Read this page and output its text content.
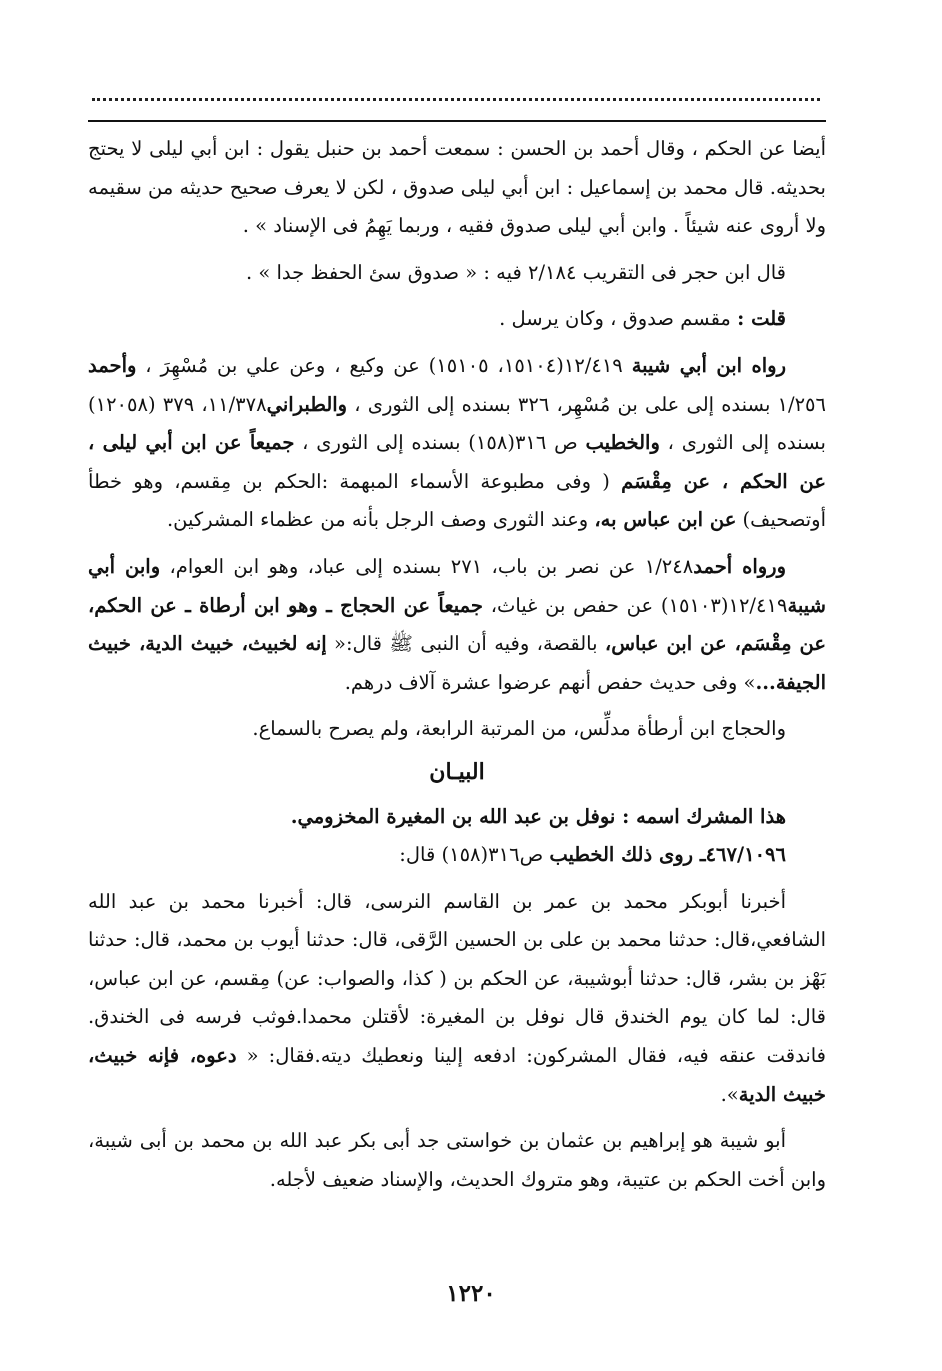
أيضا عن الحكم ، وقال أحمد بن الحسن : سمعت أحمد بن حنبل يقول : ابن أبي ليلى لا يحتج بحديثه. قال محمد بن إسماعيل : ابن أبي ليلى صدوق ، لكن لا يعرف صحيح حديثه من سقيمه ولا أروى عنه شيئاً . وابن أبي ليلى صدوق فقيه ، وربما يَهِمُ فى الإسناد » .

قال ابن حجر فى التقريب ٢/١٨٤ فيه : « صدوق سئ الحفظ جدا » .

قلت : مقسم صدوق ، وكان يرسل .

رواه ابن أبي شيبة ١٢/٤١٩(١٥١٠٤، ١٥١٠٥) عن وكيع ، وعن علي بن مُسْهِرَ ، وأحمد ١/٢٥٦ بسنده إلى على بن مُسْهِر، ٣٢٦ بسنده إلى الثورى ، والطبراني١١/٣٧٨، ٣٧٩ (١٢٠٥٨) بسنده إلى الثورى ، والخطيب ص ٣١٦(١٥٨) بسنده إلى الثورى ، جميعاً عن ابن أبي ليلى ، عن الحكم ، عن مِقْسَم ( وفى مطبوعة الأسماء المبهمة :الحكم بن مِقسم، وهو خطأ أوتصحيف) عن ابن عباس به، وعند الثورى وصف الرجل بأنه من عظماء المشركين.

ورواه أحمد١/٢٤٨ عن نصر بن باب، ٢٧١ بسنده إلى عباد، وهو ابن العوام، وابن أبي شيبة١٢/٤١٩(١٥١٠٣) عن حفص بن غياث، جميعاً عن الحجاج ـ وهو ابن أرطاة ـ عن الحكم، عن مِقْسَم، عن ابن عباس، بالقصة، وفيه أن النبى ﷺ قال:« إنه لخبيث، خبيث الدية، خبيث الجيفة...» وفى حديث حفص أنهم عرضوا عشرة آلاف درهم.

والحجاج ابن أرطأة مدلِّس، من المرتبة الرابعة، ولم يصرح بالسماع.

البيـان

هذا المشرك اسمه : نوفل بن عبد الله بن المغيرة المخزومي.

٤٦٧/١٠٩٦ـ روى ذلك الخطيب ص٣١٦(١٥٨) قال:

أخبرنا أبوبكر محمد بن عمر بن القاسم النرسى، قال: أخبرنا محمد بن عبد الله الشافعي،قال: حدثنا محمد بن على بن الحسين الرَّقى، قال: حدثنا أيوب بن محمد، قال: حدثنا بَهْز بن بشر، قال: حدثنا أبوشيبة، عن الحكم بن ( كذا، والصواب: عن) مِقسم، عن ابن عباس، قال: لما كان يوم الخندق قال نوفل بن المغيرة: لأقتلن محمدا.فوثب فرسه فى الخندق. فاندقت عنقه فيه، فقال المشركون: ادفعه إلينا ونعطيك ديته.فقال: « دعوه، فإنه خبيث، خبيث الدية».

أبو شيبة هو إبراهيم بن عثمان بن خواستى جد أبى بكر عبد الله بن محمد بن أبى شيبة، وابن أخت الحكم بن عتيبة، وهو متروك الحديث، والإسناد ضعيف لأجله.

١٢٢٠
